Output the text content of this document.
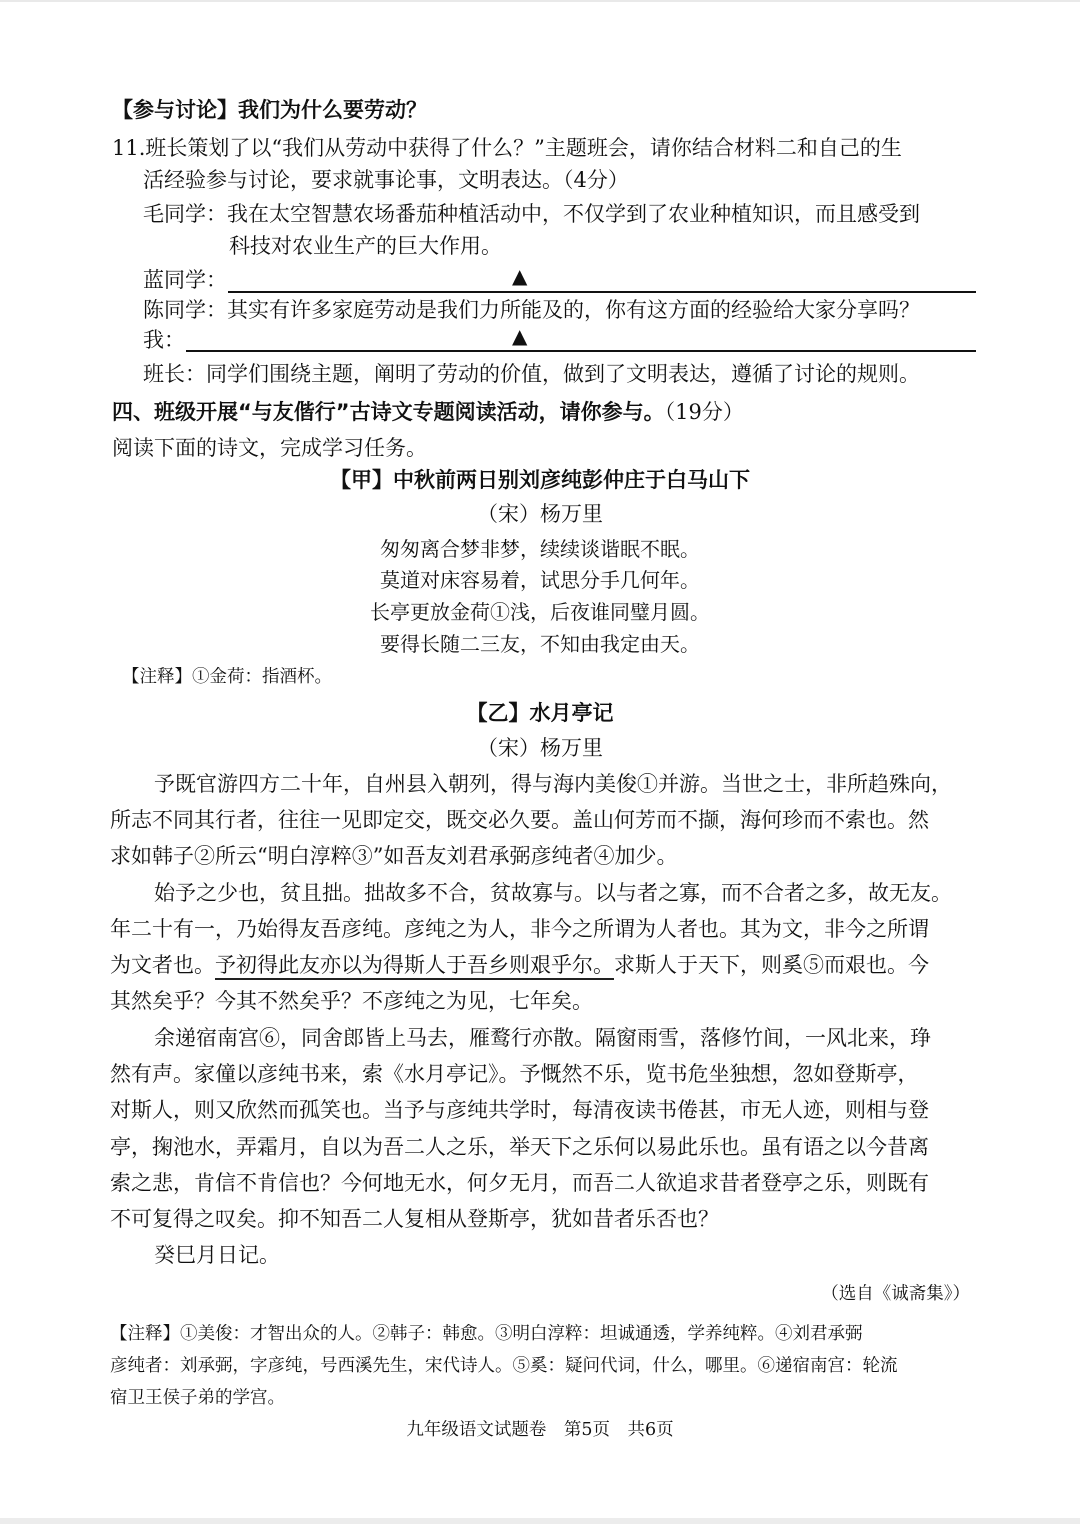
【参与讨论】我们为什么要劳动？
11.班长策划了以“我们从劳动中获得了什么？”主题班会，请你结合材料二和自己的生
活经验参与讨论，要求就事论事，文明表达。（4分）
毛同学：我在太空智慧农场番茄种植活动中，不仅学到了农业种植知识，而且感受到
科技对农业生产的巨大作用。
蓝同学：	▲
陈同学：其实有许多家庭劳动是我们力所能及的，你有这方面的经验给大家分享吗？
我：	▲
班长：同学们围绕主题，阐明了劳动的价值，做到了文明表达，遵循了讨论的规则。
四、班级开展“与友偕行”古诗文专题阅读活动，请你参与。（19分）
阅读下面的诗文，完成学习任务。
【甲】中秋前两日别刘彦纯彭仲庄于白马山下
（宋）杨万里
匆匆离合梦非梦，续续谈谐眠不眠。
莫道对床容易着，试思分手几何年。
长亭更放金荷①浅，后夜谁同璧月圆。
要得长随二三友，不知由我定由天。
【注释】①金荷：指酒杯。
【乙】水月亭记
（宋）杨万里
予既官游四方二十年，自州县入朝列，得与海内美俊①并游。当世之士，非所趋殊向，
所志不同其行者，往往一见即定交，既交必久要。盖山何芳而不撷，海何珍而不索也。然
求如韩子②所云“明白淳粹③”如吾友刘君承弼彦纯者④加少。
始予之少也，贫且拙。拙故多不合，贫故寡与。以与者之寡，而不合者之多，故无友。
年二十有一，乃始得友吾彦纯。彦纯之为人，非今之所谓为人者也。其为文，非今之所谓
为文者也。予初得此友亦以为得斯人于吾乡则艰乎尔。求斯人于天下，则奚⑤而艰也。今
其然矣乎？今其不然矣乎？不彦纯之为见，七年矣。
余递宿南宫⑥，同舍郎皆上马去，雁鹜行亦散。隔窗雨雪，落修竹间，一风北来，琤
然有声。家僮以彦纯书来，索《水月亭记》。予慨然不乐，览书危坐独想，忽如登斯亭，
对斯人，则又欣然而孤笑也。当予与彦纯共学时，每清夜读书倦甚，市无人迹，则相与登
亭，掬池水，弄霜月，自以为吾二人之乐，举天下之乐何以易此乐也。虽有语之以今昔离
索之悲，肯信不肯信也？今何地无水，何夕无月，而吾二人欲追求昔者登亭之乐，则既有
不可复得之叹矣。抑不知吾二人复相从登斯亭，犹如昔者乐否也？
癸巳月日记。
（选自《诚斋集》）
【注释】①美俊：才智出众的人。②韩子：韩愈。③明白淳粹：坦诚通透，学养纯粹。④刘君承弼
彦纯者：刘承弼，字彦纯，号西溪先生，宋代诗人。⑤奚：疑问代词，什么，哪里。⑥递宿南宫：轮流
宿卫王侯子弟的学宫。
九年级语文试题卷　第5页　共6页
